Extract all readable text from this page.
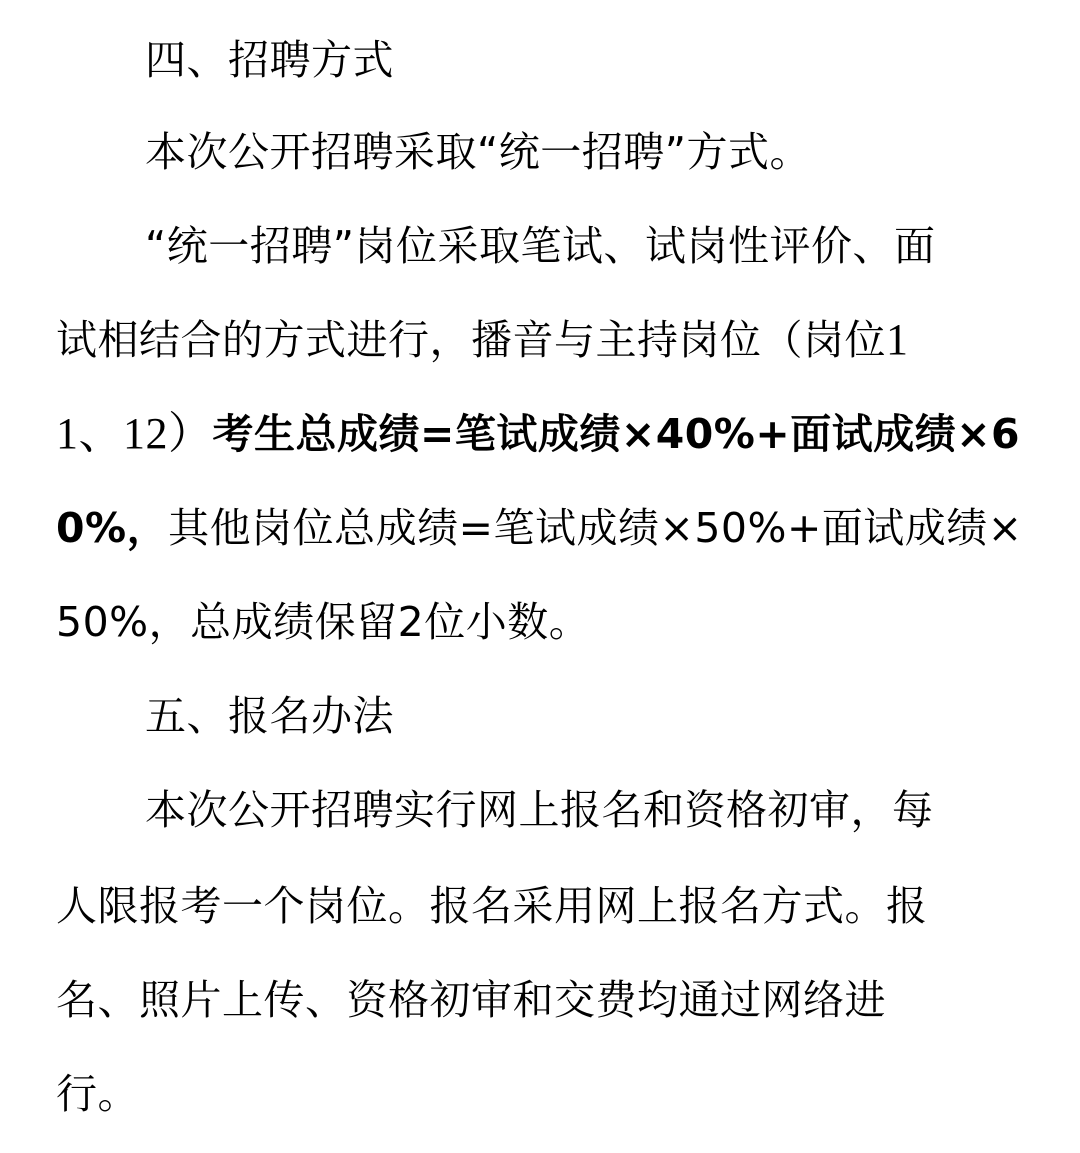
四、招聘方式
本次公开招聘采取“统一招聘”方式。
“统一招聘”岗位采取笔试、试岗性评价、面
试相结合的方式进行，播音与主持岗位（岗位1
1、12）考生总成绩=笔试成绩×40%+面试成绩×6
0%，其他岗位总成绩=笔试成绩×50%+面试成绩×
50%，总成绩保留2位小数。
五、报名办法
本次公开招聘实行网上报名和资格初审，每
人限报考一个岗位。报名采用网上报名方式。报
名、照片上传、资格初审和交费均通过网络进
行。
